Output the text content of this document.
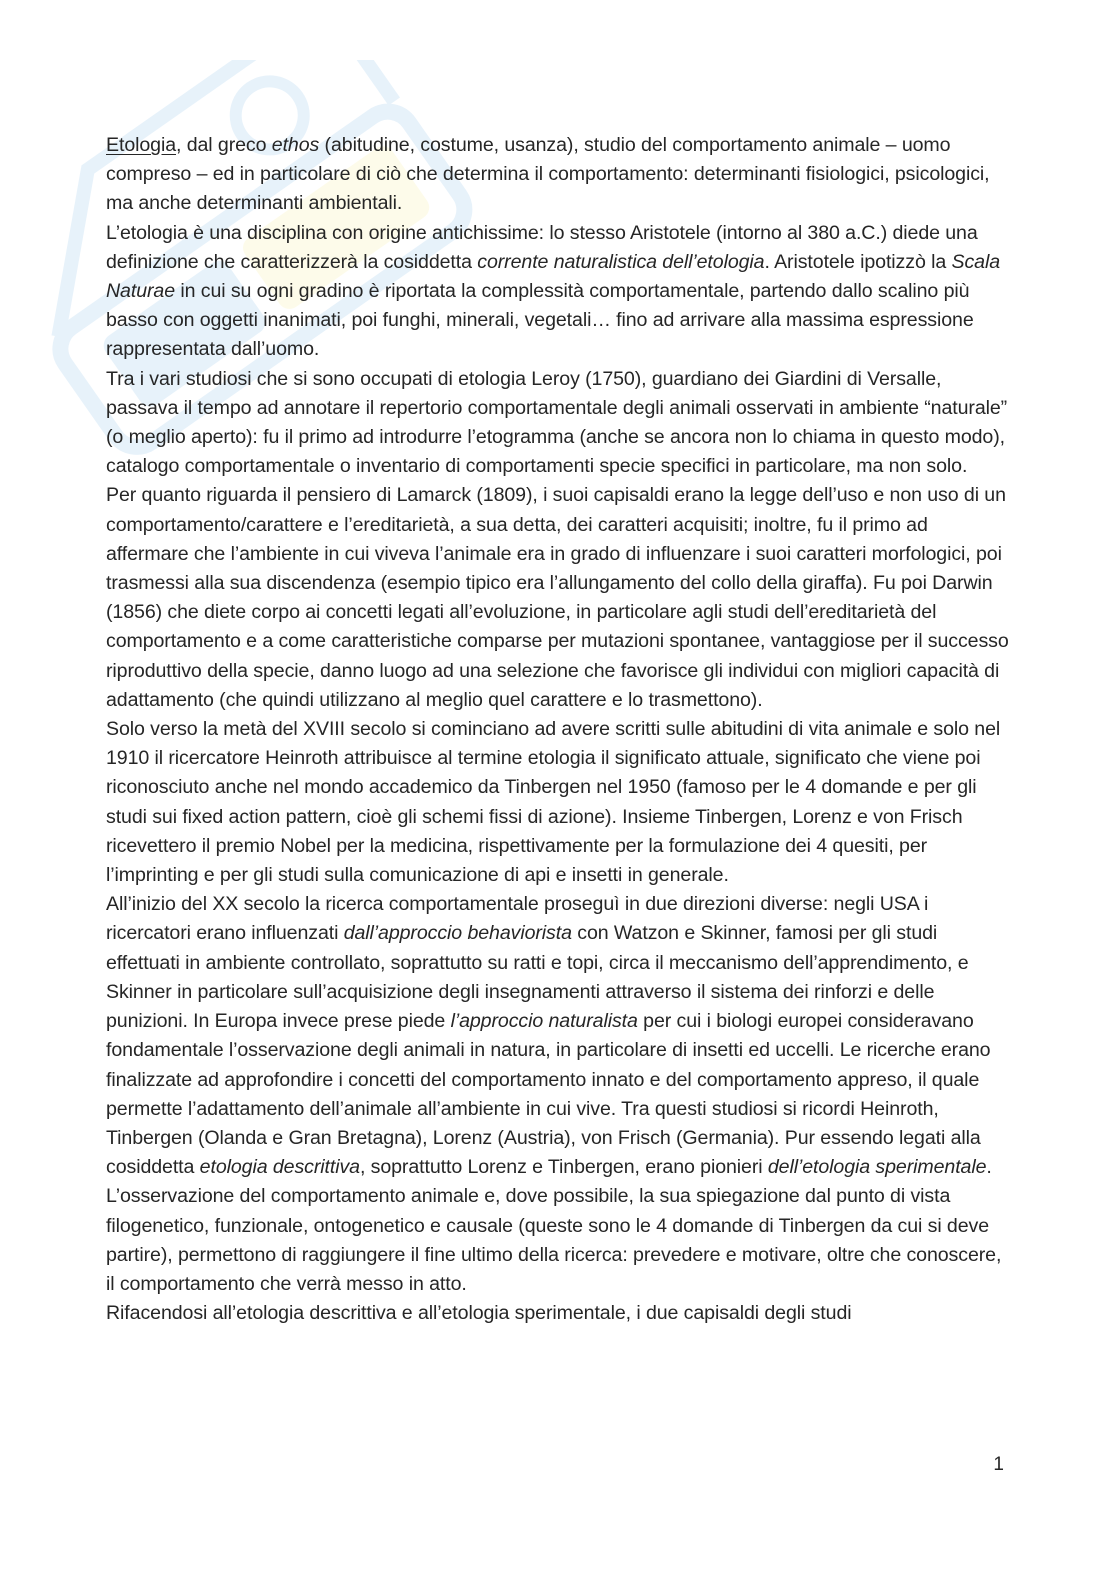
Etologia, dal greco ethos (abitudine, costume, usanza), studio del comportamento animale – uomo compreso – ed in particolare di ciò che determina il comportamento: determinanti fisiologici, psicologici, ma anche determinanti ambientali.

L’etologia è una disciplina con origine antichissime: lo stesso Aristotele (intorno al 380 a.C.) diede una definizione che caratterizzerà la cosiddetta corrente naturalistica dell’etologia. Aristotele ipotizzò la Scala Naturae in cui su ogni gradino è riportata la complessità comportamentale, partendo dallo scalino più basso con oggetti inanimati, poi funghi, minerali, vegetali… fino ad arrivare alla massima espressione rappresentata dall’uomo.

Tra i vari studiosi che si sono occupati di etologia Leroy (1750), guardiano dei Giardini di Versalle, passava il tempo ad annotare il repertorio comportamentale degli animali osservati in ambiente “naturale” (o meglio aperto): fu il primo ad introdurre l’etogramma (anche se ancora non lo chiama in questo modo), catalogo comportamentale o inventario di comportamenti specie specifici in particolare, ma non solo.

Per quanto riguarda il pensiero di Lamarck (1809), i suoi capisaldi erano la legge dell’uso e non uso di un comportamento/carattere e l’ereditarietà, a sua detta, dei caratteri acquisiti; inoltre, fu il primo ad affermare che l’ambiente in cui viveva l’animale era in grado di influenzare i suoi caratteri morfologici, poi trasmessi alla sua discendenza (esempio tipico era l’allungamento del collo della giraffa). Fu poi Darwin (1856) che diete corpo ai concetti legati all’evoluzione, in particolare agli studi dell’ereditarietà del comportamento e a come caratteristiche comparse per mutazioni spontanee, vantaggiose per il successo riproduttivo della specie, danno luogo ad una selezione che favorisce gli individui con migliori capacità di adattamento (che quindi utilizzano al meglio quel carattere e lo trasmettono).

Solo verso la metà del XVIII secolo si cominciano ad avere scritti sulle abitudini di vita animale e solo nel 1910 il ricercatore Heinroth attribuisce al termine etologia il significato attuale, significato che viene poi riconosciuto anche nel mondo accademico da Tinbergen nel 1950 (famoso per le 4 domande e per gli studi sui fixed action pattern, cioè gli schemi fissi di azione). Insieme Tinbergen, Lorenz e von Frisch ricevettero il premio Nobel per la medicina, rispettivamente per la formulazione dei 4 quesiti, per l’imprinting e per gli studi sulla comunicazione di api e insetti in generale.

All’inizio del XX secolo la ricerca comportamentale proseguì in due direzioni diverse: negli USA i ricercatori erano influenzati dall’approccio behaviorista con Watzon e Skinner, famosi per gli studi effettuati in ambiente controllato, soprattutto su ratti e topi, circa il meccanismo dell’apprendimento, e Skinner in particolare sull’acquisizione degli insegnamenti attraverso il sistema dei rinforzi e delle punizioni. In Europa invece prese piede l’approccio naturalista per cui i biologi europei consideravano fondamentale l’osservazione degli animali in natura, in particolare di insetti ed uccelli. Le ricerche erano finalizzate ad approfondire i concetti del comportamento innato e del comportamento appreso, il quale permette l’adattamento dell’animale all’ambiente in cui vive. Tra questi studiosi si ricordi Heinroth, Tinbergen (Olanda e Gran Bretagna), Lorenz (Austria), von Frisch (Germania). Pur essendo legati alla cosiddetta etologia descrittiva, soprattutto Lorenz e Tinbergen, erano pionieri dell’etologia sperimentale.

L’osservazione del comportamento animale e, dove possibile, la sua spiegazione dal punto di vista filogenetico, funzionale, ontogenetico e causale (queste sono le 4 domande di Tinbergen da cui si deve partire), permettono di raggiungere il fine ultimo della ricerca: prevedere e motivare, oltre che conoscere, il comportamento che verrà messo in atto.

Rifacendosi all’etologia descrittiva e all’etologia sperimentale, i due capisaldi degli studi

1
